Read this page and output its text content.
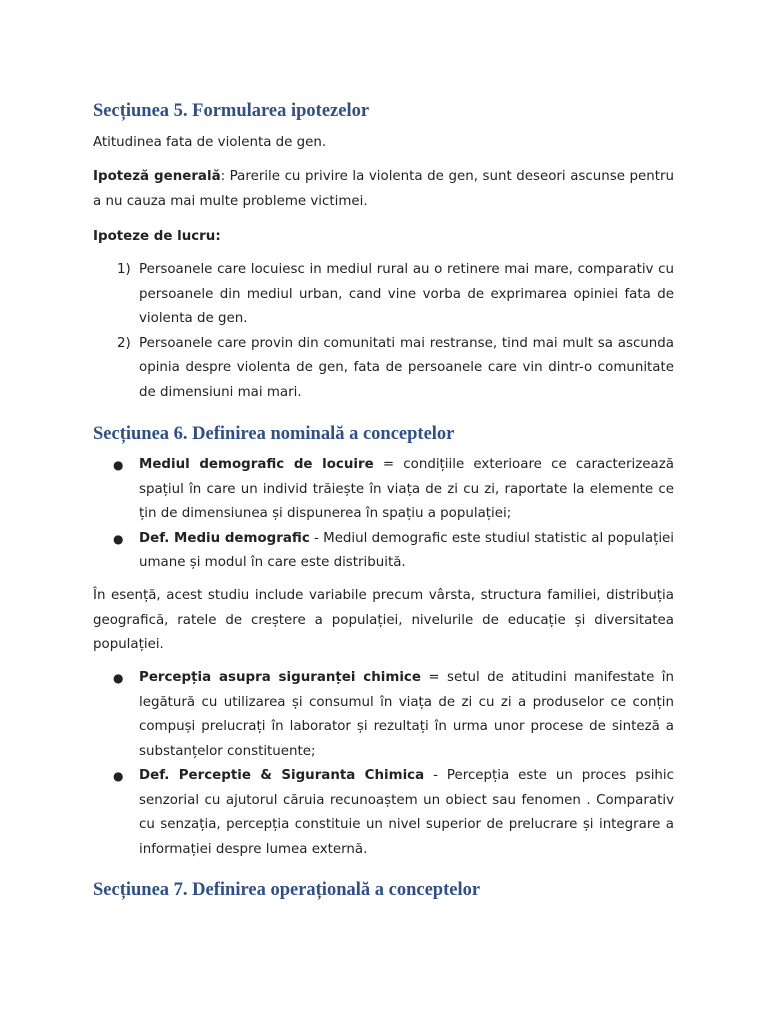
Secțiunea 5. Formularea ipotezelor

Atitudinea fata de violenta de gen.

Ipoteză generală: Parerile cu privire la violenta de gen, sunt deseori ascunse pentru a nu cauza mai multe probleme victimei.

Ipoteze de lucru:

1) Persoanele care locuiesc in mediul rural au o retinere mai mare, comparativ cu persoanele din mediul urban, cand vine vorba de exprimarea opiniei fata de violenta de gen.
2) Persoanele care provin din comunitati mai restranse, tind mai mult sa ascunda opinia despre violenta de gen, fata de persoanele care vin dintr-o comunitate de dimensiuni mai mari.
Secțiunea 6. Definirea nominală a conceptelor
●	Mediul demografic de locuire = condițiile exterioare ce caracterizează spațiul în care un individ trăiește în viața de zi cu zi, raportate la elemente ce țin de dimensiunea și dispunerea în spațiu a populației;
●	Def. Mediu demografic - Mediul demografic este studiul statistic al populației umane și modul în care este distribuită.

În esență, acest studiu include variabile precum vârsta, structura familiei, distribuția geografică, ratele de creștere a populației, nivelurile de educație și diversitatea populației.

●	Percepția asupra siguranței chimice = setul de atitudini manifestate în legătură cu utilizarea și consumul în viața de zi cu zi a produselor ce conțin compuși prelucrați în laborator și rezultați în urma unor procese de sinteză a substanțelor constituente;
●	Def. Perceptie & Siguranta Chimica - Percepția este un proces psihic senzorial cu ajutorul căruia recunoaștem un obiect sau fenomen . Comparativ cu senzația, percepția constituie un nivel superior de prelucrare și integrare a informației despre lumea externă.
Secțiunea 7. Definirea operațională a conceptelor
